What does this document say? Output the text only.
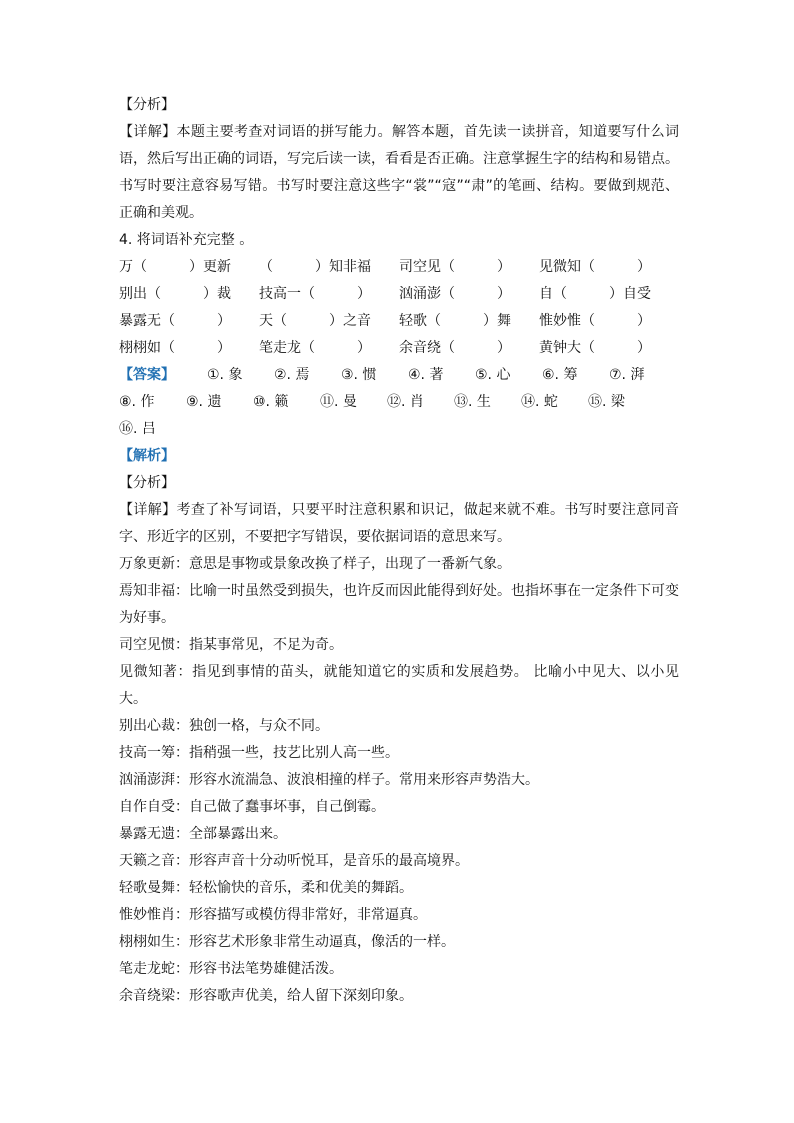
【分析】
【详解】本题主要考查对词语的拼写能力。解答本题，首先读一读拼音，知道要写什么词语，然后写出正确的词语，写完后读一读，看看是否正确。注意掌握生字的结构和易错点。书写时要注意容易写错。书写时要注意这些字“裳”“寇”“肃”的笔画、结构。要做到规范、正确和美观。
4. 将词语补充完整 。
万（　　　）更新	（　　　）知非福	司空见（　　　）	见微知（　　　）
别出（　　　）裁	技高一（　　　）	汹涌澎（　　　）	自（　　　）自受
暴露无（　　　）	天（　　　）之音	轻歌（　　　）舞	惟妙惟（　　　）
栩栩如（　　　）	笔走龙（　　　）	余音绕（　　　）	黄钟大（　　　）
【答案】	①. 象	②. 焉	③. 惯	④. 著	⑤. 心	⑥. 筹	⑦. 湃
⑧. 作	⑨. 遗	⑩. 籁	⑪. 曼	⑫. 肖	⑬. 生	⑭. 蛇	⑮. 梁
⑯. 吕
【解析】
【分析】
【详解】考查了补写词语，只要平时注意积累和识记，做起来就不难。书写时要注意同音字、形近字的区别，不要把字写错误，要依据词语的意思来写。
万象更新：意思是事物或景象改换了样子，出现了一番新气象。
焉知非福：比喻一时虽然受到损失，也许反而因此能得到好处。也指坏事在一定条件下可变为好事。
司空见惯：指某事常见，不足为奇。
见微知著：指见到事情的苗头，就能知道它的实质和发展趋势。 比喻小中见大、以小见大。
别出心裁：独创一格，与众不同。
技高一筹：指稍强一些，技艺比别人高一些。
汹涌澎湃：形容水流湍急、波浪相撞的样子。常用来形容声势浩大。
自作自受：自己做了蠢事坏事，自己倒霉。
暴露无遗：全部暴露出来。
天籁之音：形容声音十分动听悦耳，是音乐的最高境界。
轻歌曼舞：轻松愉快的音乐，柔和优美的舞蹈。
惟妙惟肖：形容描写或模仿得非常好，非常逼真。
栩栩如生：形容艺术形象非常生动逼真，像活的一样。
笔走龙蛇：形容书法笔势雄健活泼。
余音绕梁：形容歌声优美，给人留下深刻印象。
